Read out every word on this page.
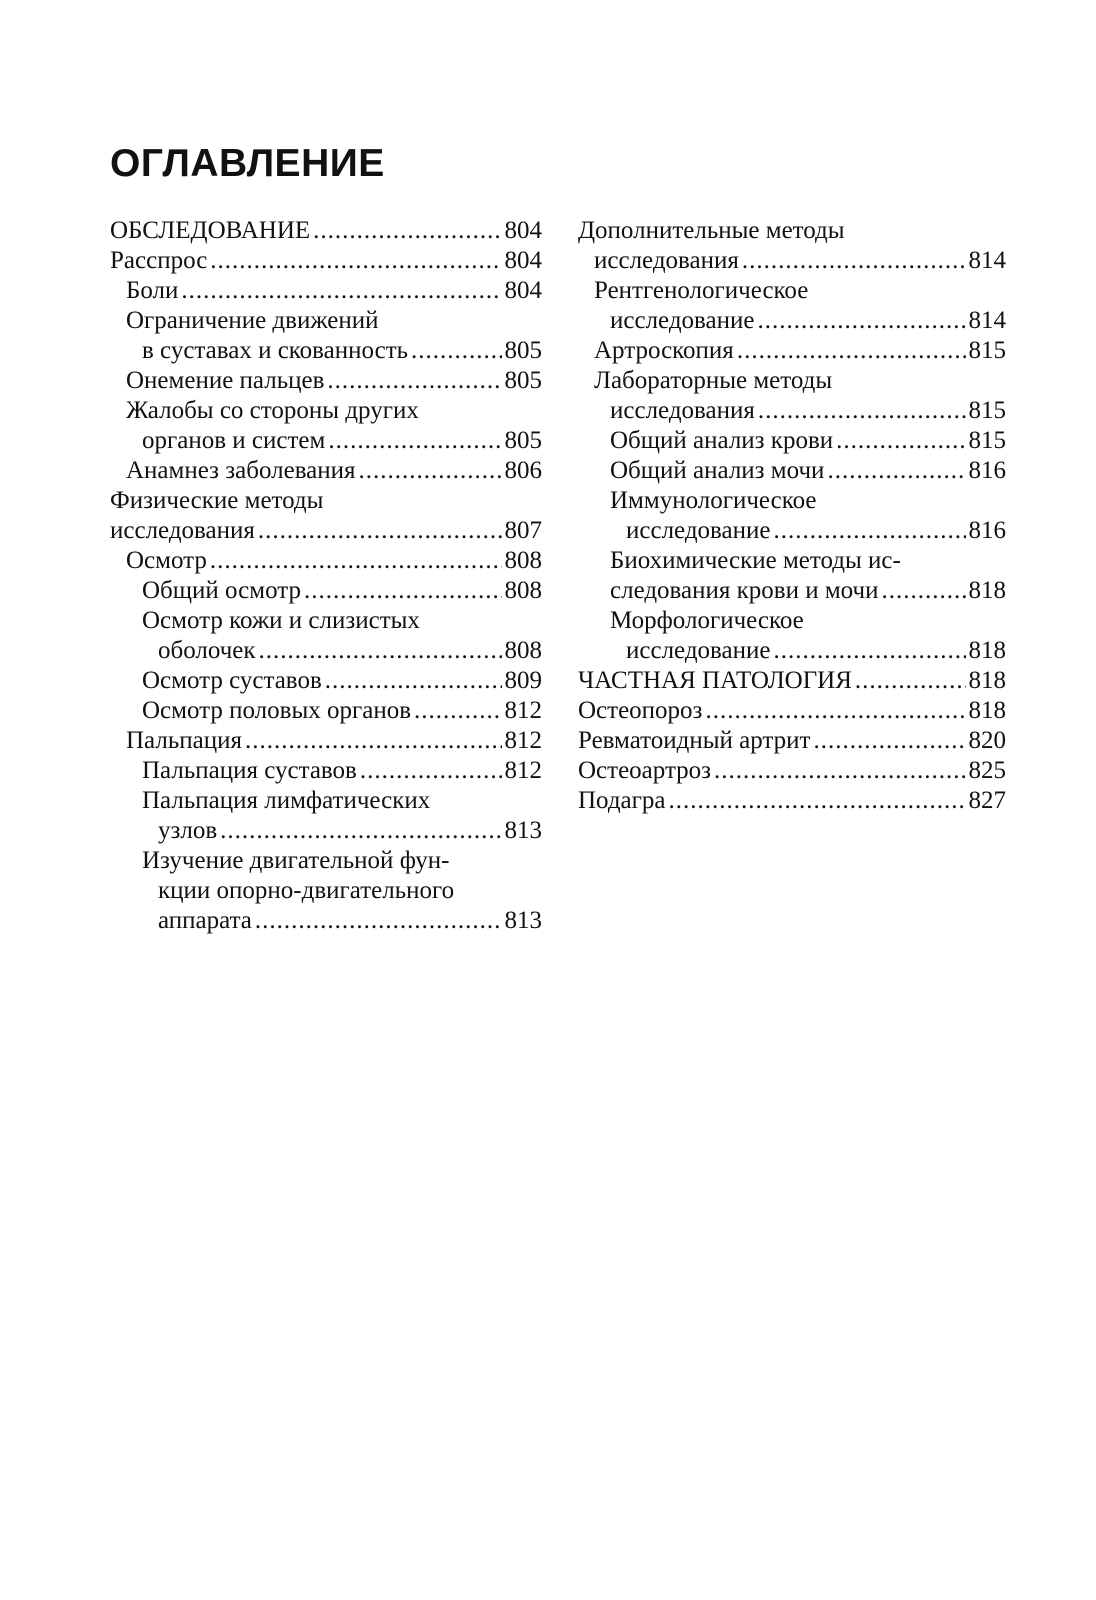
ОГЛАВЛЕНИЕ
ОБСЛЕДОВАНИЕ .....	804
Расспрос .....	804
Боли .....	804
Ограничение движений
в суставах и скованность .....	805
Онемение пальцев .....	805
Жалобы со стороны других
органов и систем .....	805
Анамнез заболевания .....	806
Физические методы
исследования .....	807
Осмотр .....	808
Общий осмотр .....	808
Осмотр кожи и слизистых
оболочек .....	808
Осмотр суставов .....	809
Осмотр половых органов .....	812
Пальпация .....	812
Пальпация суставов .....	812
Пальпация лимфатических
узлов .....	813
Изучение двигательной фун-
кции опорно-двигательного
аппарата .....	813
Дополнительные методы
исследования .....	814
Рентгенологическое
исследование .....	814
Артроскопия .....	815
Лабораторные методы
исследования .....	815
Общий анализ крови .....	815
Общий анализ мочи .....	816
Иммунологическое
исследование .....	816
Биохимические методы ис-
следования крови и мочи .....	818
Морфологическое
исследование .....	818
ЧАСТНАЯ ПАТОЛОГИЯ .....	818
Остеопороз .....	818
Ревматоидный артрит .....	820
Остеоартроз .....	825
Подагра .....	827
